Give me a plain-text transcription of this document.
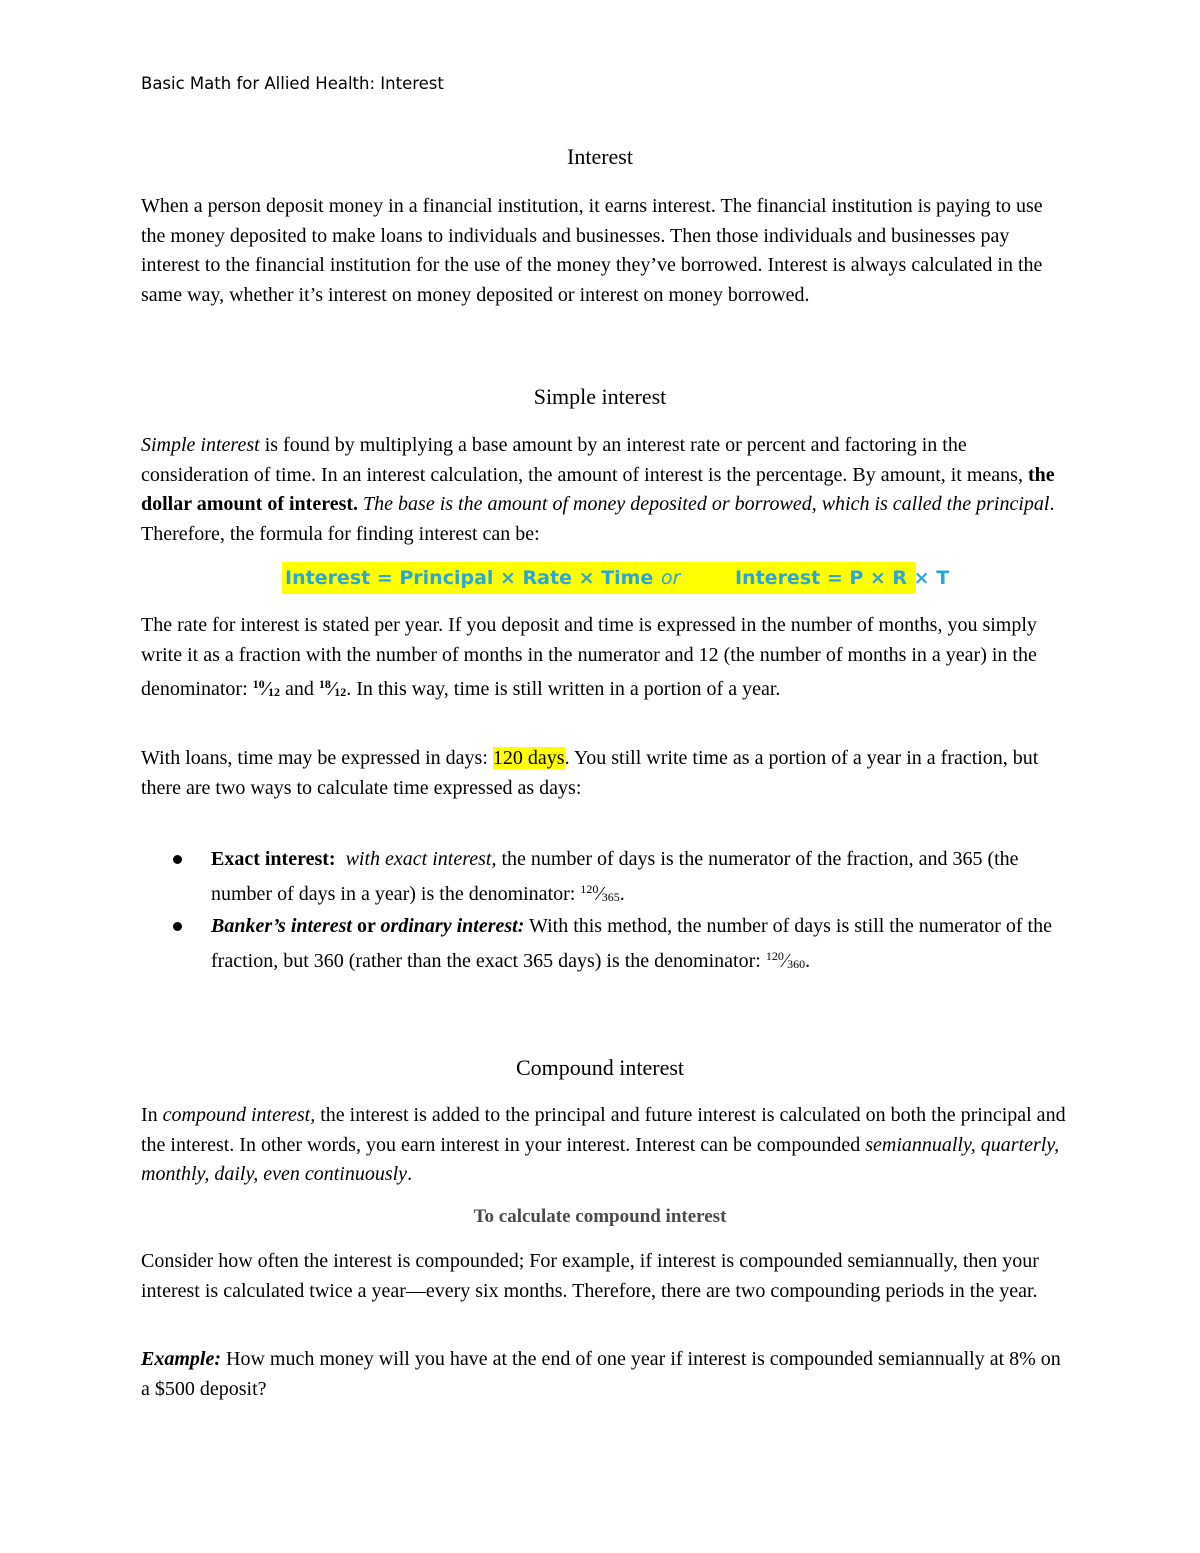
Basic Math for Allied Health: Interest
Interest
When a person deposit money in a financial institution, it earns interest. The financial institution is paying to use the money deposited to make loans to individuals and businesses. Then those individuals and businesses pay interest to the financial institution for the use of the money they’ve borrowed. Interest is always calculated in the same way, whether it’s interest on money deposited or interest on money borrowed.
Simple interest
Simple interest is found by multiplying a base amount by an interest rate or percent and factoring in the consideration of time. In an interest calculation, the amount of interest is the percentage. By amount, it means, the dollar amount of interest. The base is the amount of money deposited or borrowed, which is called the principal. Therefore, the formula for finding interest can be:
Interest = Principal × Rate × Time or	Interest = P × R × T
The rate for interest is stated per year. If you deposit and time is expressed in the number of months, you simply write it as a fraction with the number of months in the numerator and 12 (the number of months in a year) in the denominator: $^{10}$⁄12 and $^{18}$⁄12. In this way, time is still written in a portion of a year.
With loans, time may be expressed in days: 120 days. You still write time as a portion of a year in a fraction, but there are two ways to calculate time expressed as days:
Exact interest: with exact interest, the number of days is the numerator of the fraction, and 365 (the number of days in a year) is the denominator: $^{120}$⁄365.
Banker’s interest or ordinary interest: With this method, the number of days is still the numerator of the fraction, but 360 (rather than the exact 365 days) is the denominator: $^{120}$⁄360.
Compound interest
In compound interest, the interest is added to the principal and future interest is calculated on both the principal and the interest. In other words, you earn interest in your interest. Interest can be compounded semiannually, quarterly, monthly, daily, even continuously.
To calculate compound interest
Consider how often the interest is compounded; For example, if interest is compounded semiannually, then your interest is calculated twice a year—every six months. Therefore, there are two compounding periods in the year.
Example: How much money will you have at the end of one year if interest is compounded semiannually at 8% on a $500 deposit?
